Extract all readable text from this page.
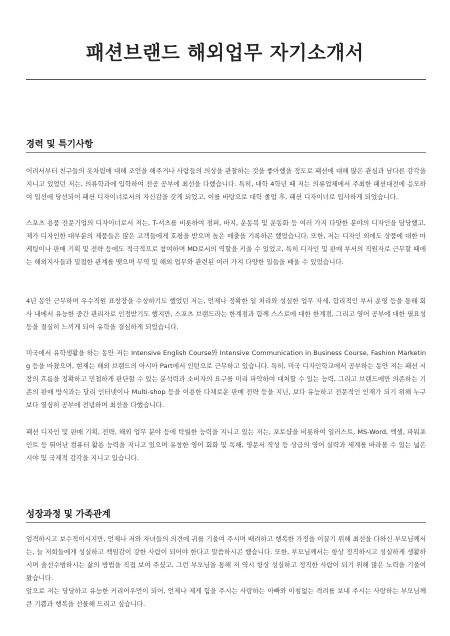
패션브랜드 해외업무 자기소개서
경력 및 특기사항

어려서부터 친구들의 옷차림에 대해 조언을 해주거나 사람들의 의상을 관찰하는 것을 좋아했을 정도로 패션에 대해 많은 관심과 남다른 감각을 지니고 있었던 저는, 의류학과에 입학하여 전공 공부에 최선을 다했습니다. 특히, 대학 4학년 때 저는 의류업체에서 주최한 패션대전에 응모하여 입선에 당선되어 패션 디자이너로서의 자신감을 갖게 되었고, 이를 바탕으로 대학 졸업 후, 패션 디자이너로 입사하게 되었습니다.

스포츠 용품 전문기업의 디자이너로서 저는, T-셔츠를 비롯하여 점퍼, 바지, 운동복 및 운동화 등 여러 가지 다양한 분야의 디자인을 담당했고, 제가 디자인한 대부분의 제품들은 많은 고객들에게 호평을 받으며 높은 매출을 기록하곤 했었습니다. 또한, 저는 디자인 외에도 상품에 대한 마케팅이나 판매 기획 및 전략 등에도 적극적으로 참여하며 MD로서의 역할을 키울 수 있었고, 특히 디자인 및 판매 부서의 직원자로 근무할 때에는 해외지사들과 밀접한 관계를 맺으며 무역 및 해외 업무와 관련된 여러 가지 다양한 일들을 배울 수 있었습니다.

4년 동안 근무하며 우수직원 표창장을 수상하기도 했었던 저는, 언제나 정확한 일 처리와 성실한 업무 자세, 합리적인 부서 운영 등을 통해 회사 내에서 유능한 중간 관리자로 인정받기도 했지만, 스포츠 브랜드라는 한계점과 함께 스스로에 대한 한계점, 그리고 영어 공부에 대한 필요성 등을 절실히 느끼게 되어 유학을 결심하게 되었습니다.

미국에서 유학생활을 하는 동안 저는 Intensive English Course와 Intensive Communication in Business Course, Fashion Marketing 등을 마쳤으며, 현재는 해외 브랜드의 아시아 Part에서 인턴으로 근무하고 있습니다. 특히, 미국 디자인학교에서 공부하는 동안 저는 패션 시장의 흐름을 정확하고 민첩하게 판단할 수 있는 분석력과 소비자의 요구를 미리 파악하여 대처할 수 있는 능력, 그리고 브랜드에만 의존하는 기존의 판매 방식과는 달리 인터넷이나 Multi-shop 등을 이용한 다채로운 판매 전략 등을 지닌, 보다 유능하고 전문적인 인재가 되기 위해 누구보다 열심히 공부에 전념하며 최선을 다했습니다.

패션 디자인 및 판매 기획, 전략, 해외 업무 분야 등에 탁월한 능력을 지니고 있는 저는, 포토샵을 비롯하여 일러스트, MS-Word, 엑셀, 파워포인트 등 뛰어난 컴퓨터 활용 능력을 지니고 있으며 유창한 영어 회화 및 독해, 영문서 작성 등 상급의 영어 실력과 세계를 바라볼 수 있는 넓은 시야 및 국제적 감각을 지니고 있습니다.

성장과정 및 가족관계

엄격하시고 보수적이시지만, 언제나 저와 자녀들의 의견에 귀를 기울여 주시며 배려하고 행복한 가정을 이끌기 위해 최선을 다하신 부모님께서는, 늘 저희들에게 성실하고 책임감이 강한 사람이 되어야 한다고 말씀하시곤 했습니다. 또한, 부모님께서는 항상 정직하시고 성실하게 생활하시며 솔선수범하시는 삶의 방법을 직접 보여 주셨고, 그런 부모님을 통해 저 역시 항상 성실하고 정직한 사람이 되기 위해 많은 노력을 기울여 왔습니다.

앞으로 저는 당당하고 유능한 커리어우먼이 되어, 언제나 제게 힘을 주시는 사랑하는 아빠와 아침없는 격려를 보내 주시는 사랑하는 부모님께 큰 기쁨과 행복을 선물해 드리고 싶습니다.
